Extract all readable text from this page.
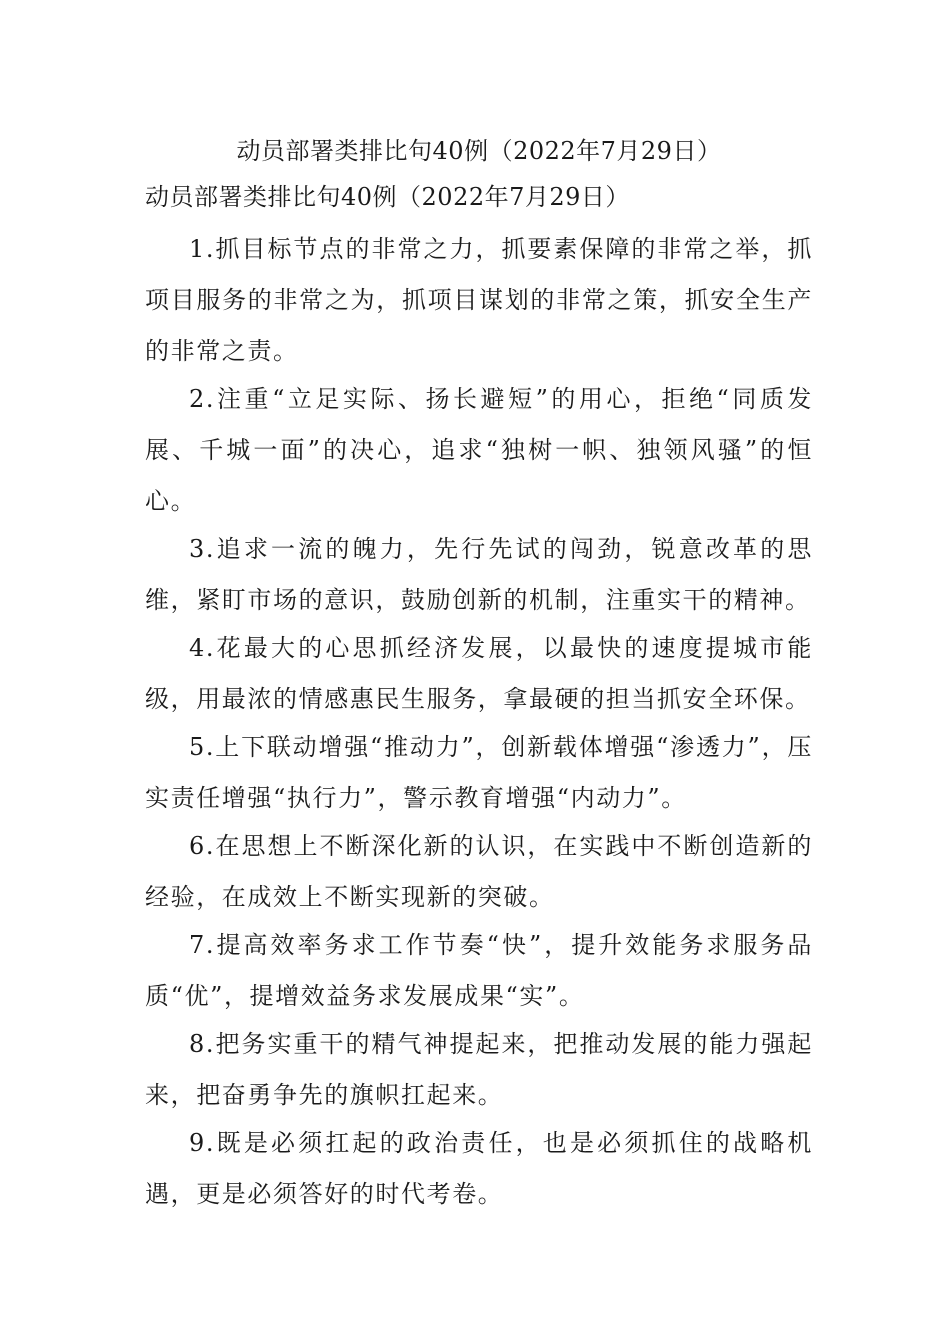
动员部署类排比句40例（2022年7月29日）
动员部署类排比句40例（2022年7月29日）

1.抓目标节点的非常之力，抓要素保障的非常之举，抓项目服务的非常之为，抓项目谋划的非常之策，抓安全生产的非常之责。

2.注重“立足实际、扬长避短”的用心，拒绝“同质发展、千城一面”的决心，追求“独树一帜、独领风骚”的恒心。

3.追求一流的魄力，先行先试的闯劲，锐意改革的思维，紧盯市场的意识，鼓励创新的机制，注重实干的精神。

4.花最大的心思抓经济发展，以最快的速度提城市能级，用最浓的情感惠民生服务，拿最硬的担当抓安全环保。

5.上下联动增强“推动力”，创新载体增强“渗透力”，压实责任增强“执行力”，警示教育增强“内动力”。

6.在思想上不断深化新的认识，在实践中不断创造新的经验，在成效上不断实现新的突破。

7.提高效率务求工作节奏“快”，提升效能务求服务品质“优”，提增效益务求发展成果“实”。

8.把务实重干的精气神提起来，把推动发展的能力强起来，把奋勇争先的旗帜扛起来。

9.既是必须扛起的政治责任，也是必须抓住的战略机遇，更是必须答好的时代考卷。
